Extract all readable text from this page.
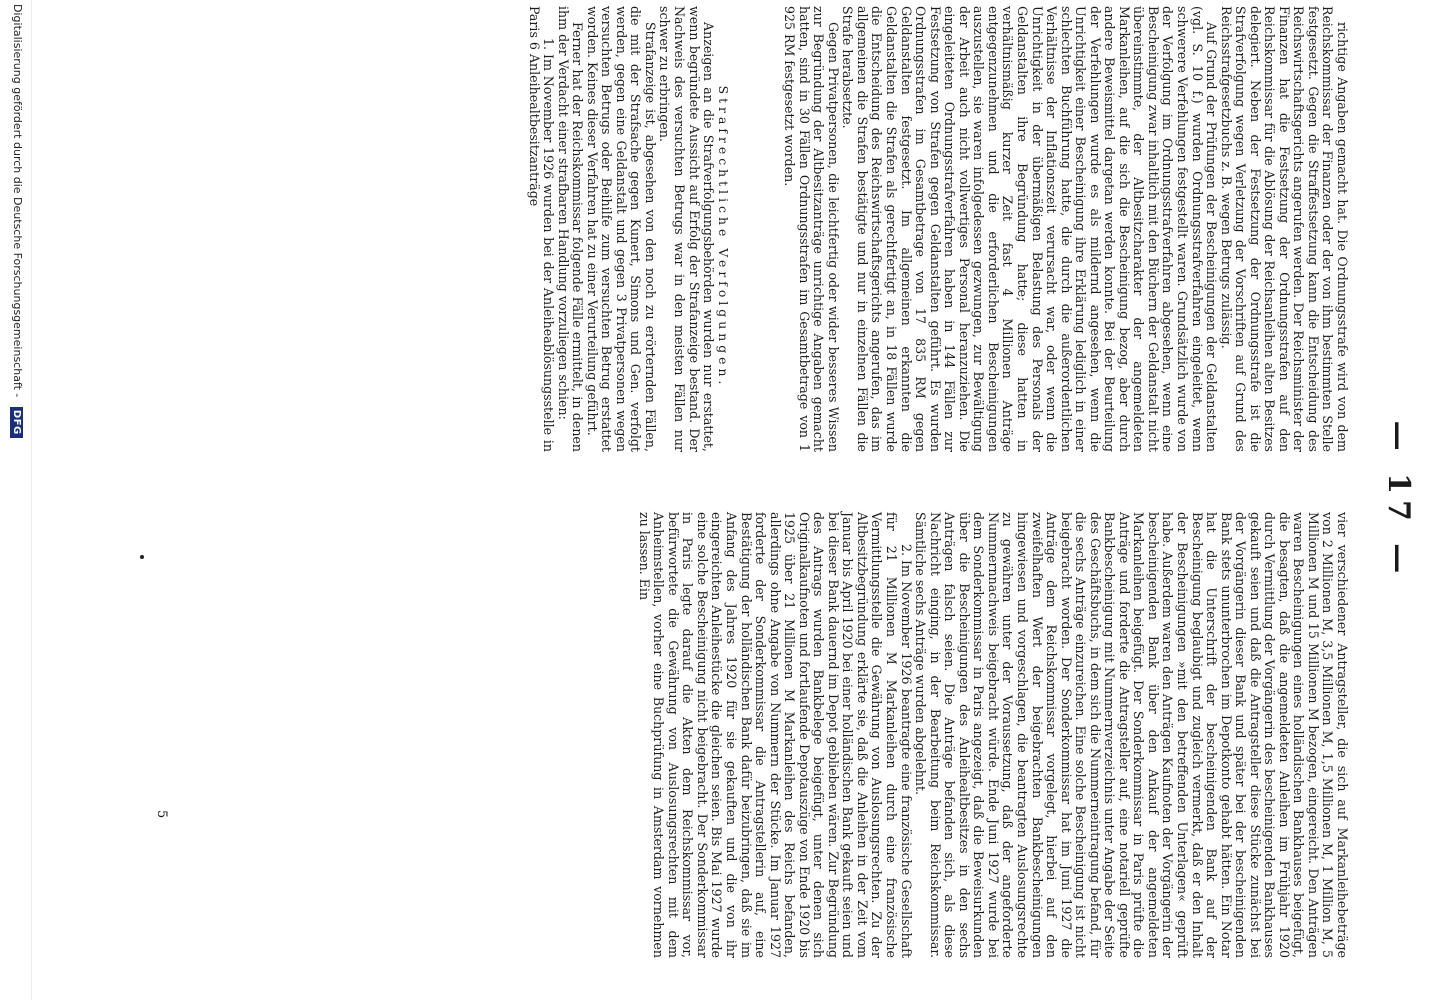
— 17 —

richtige Angaben gemacht hat. Die Ordnungsstrafe wird von dem Reichskommissar der Finanzen oder der von ihm bestimmten Stelle festgesetzt. Gegen die Straffestsetzung kann die Entscheidung des Reichswirtschaftsgerichts angerufen werden. Der Reichsminister der Finanzen hat die Festsetzung der Ordnungsstrafen auf den Reichskommissar für die Ablösung der Reichsanleihen alten Besitzes delegiert. Neben der Festsetzung der Ordnungsstrafe ist die Strafverfolgung wegen Verletzung der Vorschriften auf Grund des Reichsstrafgesetzbuchs z. B. wegen Betrugs zulässig.

Auf Grund der Prüfungen der Bescheinigungen der Geldanstalten (vgl. S. 10 f.) wurden Ordnungsstrafverfahren eingeleitet, wenn schwerere Verfehlungen festgestellt waren. Grundsätzlich wurde von der Verfolgung im Ordnungsstrafverfahren abgesehen, wenn eine Bescheinigung zwar inhaltlich mit den Büchern der Geldanstalt nicht übereinstimmte, der Altbesitzcharakter der angemeldeten Markanleihen, auf die sich die Bescheinigung bezog, aber durch andere Beweismittel dargetan werden konnte. Bei der Beurteilung der Verfehlungen wurde es als mildernd angesehen, wenn die Unrichtigkeit einer Bescheinigung ihre Erklärung lediglich in einer schlechten Buchführung hatte, die durch die außerordentlichen Verhältnisse der Inflationszeit verursacht war, oder wenn die Unrichtigkeit in der übermäßigen Belastung des Personals der Geldanstalten ihre Begründung hatte; diese hatten in verhältnismäßig kurzer Zeit fast 4 Millionen Anträge entgegenzunehmen und die erforderlichen Bescheinigungen auszustellen, sie waren infolgedessen gezwungen, zur Bewältigung der Arbeit auch nicht vollwertiges Personal heranzuziehen. Die eingeleiteten Ordnungsstrafverfahren haben in 144 Fällen zur Festsetzung von Strafen gegen Geldanstalten geführt. Es wurden Ordnungsstrafen im Gesamtbetrage von 17 835 RM gegen Geldanstalten festgesetzt. Im allgemeinen erkannten die Geldanstalten die Strafen als gerechtfertigt an, in 18 Fällen wurde die Entscheidung des Reichswirtschaftsgerichts angerufen, das im allgemeinen die Strafen bestätigte und nur in einzelnen Fällen die Strafe herabsetzte.

Gegen Privatpersonen, die leichtfertig oder wider besseres Wissen zur Begründung der Altbesitzanträge unrichtige Angaben gemacht hatten, sind in 30 Fällen Ordnungsstrafen im Gesamtbetrage von 1 925 RM festgesetzt worden.

Strafrechtliche Verfolgungen.

Anzeigen an die Strafverfolgungsbehörden wurden nur erstattet, wenn begründete Aussicht auf Erfolg der Strafanzeige bestand. Der Nachweis des versuchten Betrugs war in den meisten Fällen nur schwer zu erbringen.

Strafanzeige ist, abgesehen von den noch zu erörternden Fällen, die mit der Strafsache gegen Kunert, Simons und Gen. verfolgt werden, gegen eine Geldanstalt und gegen 3 Privatpersonen wegen versuchten Betrugs oder Beihilfe zum versuchten Betrug erstattet worden. Keines dieser Verfahren hat zu einer Verurteilung geführt.

Ferner hat der Reichskommissar folgende Fälle ermittelt, in denen ihm der Verdacht einer strafbaren Handlung vorzuliegen schien:

1.Im November 1926 wurden bei der Anleiheablösungsstelle in Paris 6 Anleihealtbesitzanträge

vier verschiedener Antragsteller, die sich auf Markanleihebeträge von 2 Millionen M, 3,5 Millionen M, 1,5 Millionen M, 1 Million M, 5 Millionen M und 15 Millionen M bezogen, eingereicht. Den Anträgen waren Bescheinigungen eines holländischen Bankhauses beigefügt, die besagten, daß die angemeldeten Anleihen im Frühjahr 1920 durch Vermittlung der Vorgängerin des bescheinigenden Bankhauses gekauft seien und daß die Antragsteller diese Stücke zunächst bei der Vorgängerin dieser Bank und später bei der bescheinigenden Bank stets ununterbrochen im Depotkonto gehabt hätten. Ein Notar hat die Unterschrift der bescheinigenden Bank auf der Bescheinigung beglaubigt und zugleich vermerkt, daß er den Inhalt der Bescheinigungen »mit den betreffenden Unterlagen« geprüft habe. Außerdem waren den Anträgen Kaufnoten der Vorgängerin der bescheinigenden Bank über den Ankauf der angemeldeten Markanleihen beigefügt. Der Sonderkommissar in Paris prüfte die Anträge und forderte die Antragsteller auf, eine notariell geprüfte Bankbescheinigung mit Nummernverzeichnis unter Angabe der Seite des Geschäftsbuchs, in dem sich die Nummerneintragung befand, für die sechs Anträge einzureichen. Eine solche Bescheinigung ist nicht beigebracht worden. Der Sonderkommissar hat im Juni 1927 die Anträge dem Reichskommissar vorgelegt, hierbei auf den zweifelhaften Wert der beigebrachten Bankbescheinigungen hingewiesen und vorgeschlagen, die beantragten Auslosungsrechte zu gewähren unter der Voraussetzung, daß der angeforderte Nummernnachweis beigebracht würde. Ende Juni 1927 wurde bei dem Sonderkommissar in Paris angezeigt, daß die Beweisurkunden über die Bescheinigungen des Anleihealtbesitzes in den sechs Anträgen falsch seien. Die Anträge befanden sich, als diese Nachricht einging, in der Bearbeitung beim Reichskommissar. Sämtliche sechs Anträge wurden abgelehnt.

2.Im November 1926 beantragte eine französische Gesellschaft für 21 Millionen M Markanleihen durch eine französische Vermittlungsstelle die Gewährung von Auslosungsrechten. Zu der Altbesitzbegründung erklärte sie, daß die Anleihen in der Zeit vom Januar bis April 1920 bei einer holländischen Bank gekauft seien und bei dieser Bank dauernd im Depot geblieben wären. Zur Begründung des Antrags wurden Bankbelege beigefügt, unter denen sich Originalkaufnoten und fortlaufende Depotauszüge von Ende 1920 bis 1925 über 21 Millionen M Markanleihen des Reichs befanden, allerdings ohne Angabe von Nummern der Stücke. Im Januar 1927 forderte der Sonderkommissar die Antragstellerin auf, eine Bestätigung der holländischen Bank dafür beizubringen, daß sie im Anfang des Jahres 1920 für sie gekauften und die von ihr eingereichten Anleihestücke die gleichen seien. Bis Mai 1927 wurde eine solche Bescheinigung nicht beigebracht. Der Sonderkommissar in Paris legte darauf die Akten dem Reichskommissar vor, befürwortete die Gewährung von Auslosungsrechten mit dem Anheimstellen, vorher eine Buchprüfung in Amsterdam vornehmen zu lassen. Ein

5
Digitalisierung gefördert durch die Deutsche Forschungsgemeinschaft - DFG
